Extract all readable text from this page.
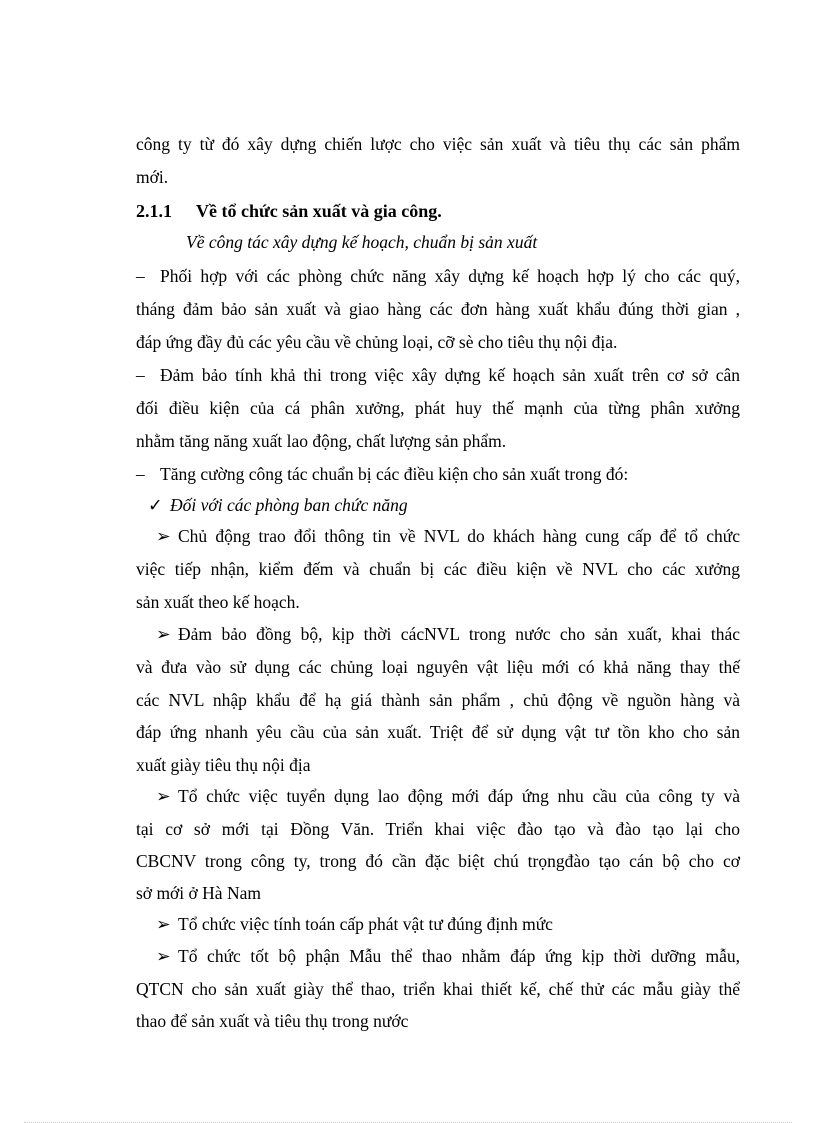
công ty từ đó xây dựng chiến lược cho việc sản xuất và tiêu thụ các sản phẩm
mới.
2.1.1 Về tổ chức sản xuất và gia công.
Về công tác xây dựng kế hoạch, chuẩn bị sản xuất
– Phối hợp với các phòng chức năng xây dựng kế hoạch hợp lý cho các quý,
tháng đảm bảo sản xuất và giao hàng các đơn hàng xuất khẩu đúng thời gian ,
đáp ứng đầy đủ các yêu cầu về chủng loại, cỡ sè cho tiêu thụ nội địa.
– Đảm bảo tính khả thi trong việc xây dựng kế hoạch sản xuất trên cơ sở cân
đối điều kiện của cá phân xưởng, phát huy thế mạnh của từng phân xưởng
nhằm tăng năng xuất lao động, chất lượng sản phẩm.
– Tăng cường công tác chuẩn bị các điều kiện cho sản xuất trong đó:
✓ Đối với các phòng ban chức năng
➢ Chủ động trao đổi thông tin về NVL do khách hàng cung cấp để tổ chức
việc tiếp nhận, kiểm đếm và chuẩn bị các điều kiện về NVL cho các xưởng
sản xuất theo kế hoạch.
➢ Đảm bảo đồng bộ, kịp thời cácNVL trong nước cho sản xuất, khai thác
và đưa vào sử dụng các chủng loại nguyên vật liệu mới có khả năng thay thế
các NVL nhập khẩu để hạ giá thành sản phẩm , chủ động về nguồn hàng và
đáp ứng nhanh yêu cầu của sản xuất. Triệt để sử dụng vật tư tồn kho cho sản
xuất giày tiêu thụ nội địa
➢ Tổ chức việc tuyển dụng lao động mới đáp ứng nhu cầu của công ty và
tại cơ sở mới tại Đồng Văn. Triển khai việc đào tạo và đào tạo lại cho
CBCNV trong công ty, trong đó cần đặc biệt chú trọngđào tạo cán bộ cho cơ
sở mới ở Hà Nam
➢ Tổ chức việc tính toán cấp phát vật tư đúng định mức
➢ Tổ chức tốt bộ phận Mẫu thể thao nhằm đáp ứng kịp thời dưỡng mẫu,
QTCN cho sản xuất giày thể thao, triển khai thiết kế, chế thử các mẫu giày thể
thao để sản xuất và tiêu thụ trong nước
